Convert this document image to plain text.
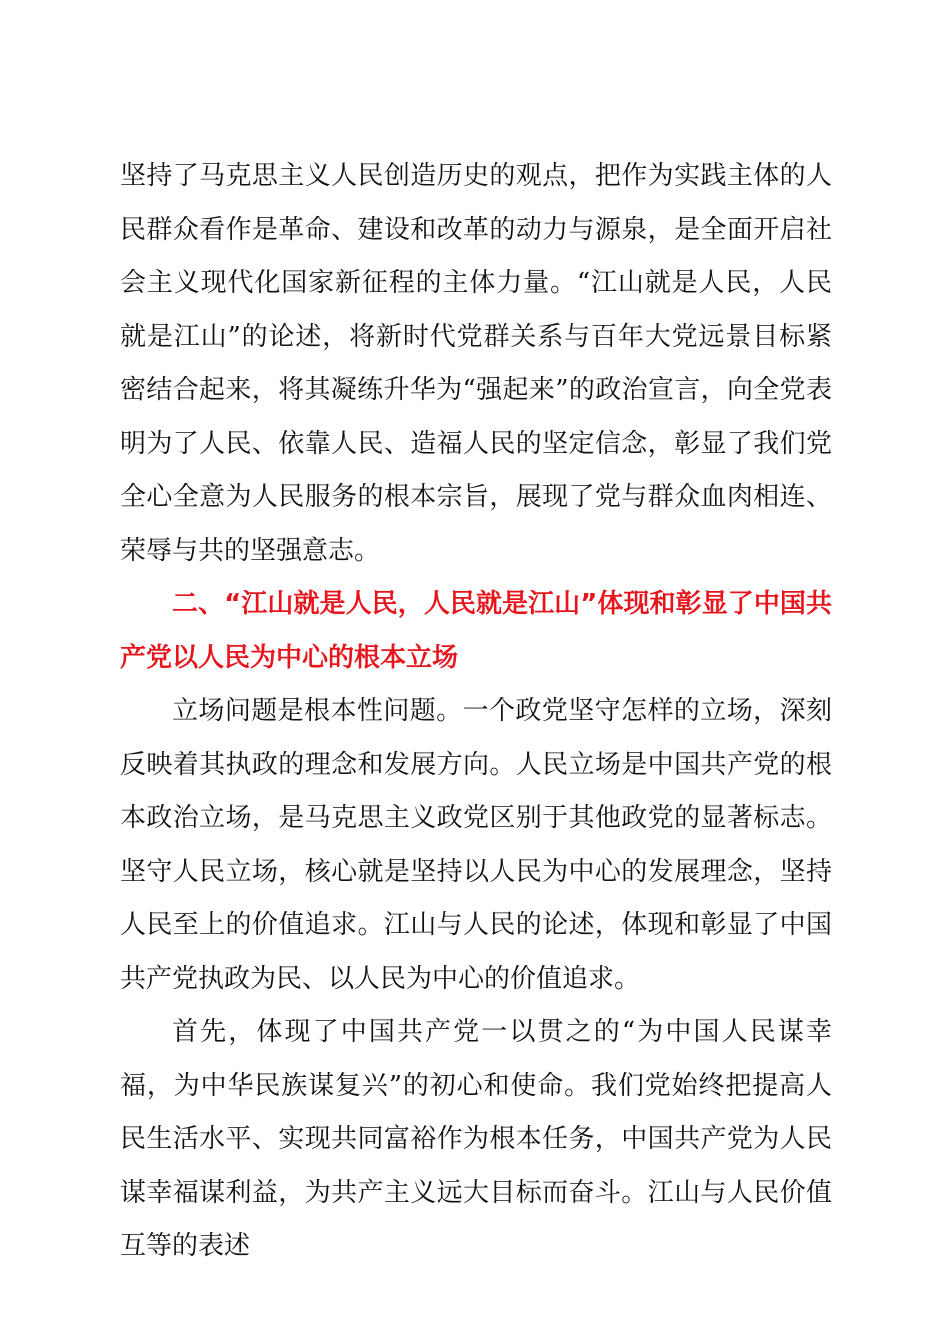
坚持了马克思主义人民创造历史的观点，把作为实践主体的人民群众看作是革命、建设和改革的动力与源泉，是全面开启社会主义现代化国家新征程的主体力量。“江山就是人民，人民就是江山”的论述，将新时代党群关系与百年大党远景目标紧密结合起来，将其凝练升华为“强起来”的政治宣言，向全党表明为了人民、依靠人民、造福人民的坚定信念，彰显了我们党全心全意为人民服务的根本宗旨，展现了党与群众血肉相连、荣辱与共的坚强意志。

二、“江山就是人民，人民就是江山”体现和彰显了中国共产党以人民为中心的根本立场

立场问题是根本性问题。一个政党坚守怎样的立场，深刻反映着其执政的理念和发展方向。人民立场是中国共产党的根本政治立场，是马克思主义政党区别于其他政党的显著标志。坚守人民立场，核心就是坚持以人民为中心的发展理念，坚持人民至上的价值追求。江山与人民的论述，体现和彰显了中国共产党执政为民、以人民为中心的价值追求。

首先，体现了中国共产党一以贯之的“为中国人民谋幸福，为中华民族谋复兴”的初心和使命。我们党始终把提高人民生活水平、实现共同富裕作为根本任务，中国共产党为人民谋幸福谋利益，为共产主义远大目标而奋斗。江山与人民价值互等的表述
